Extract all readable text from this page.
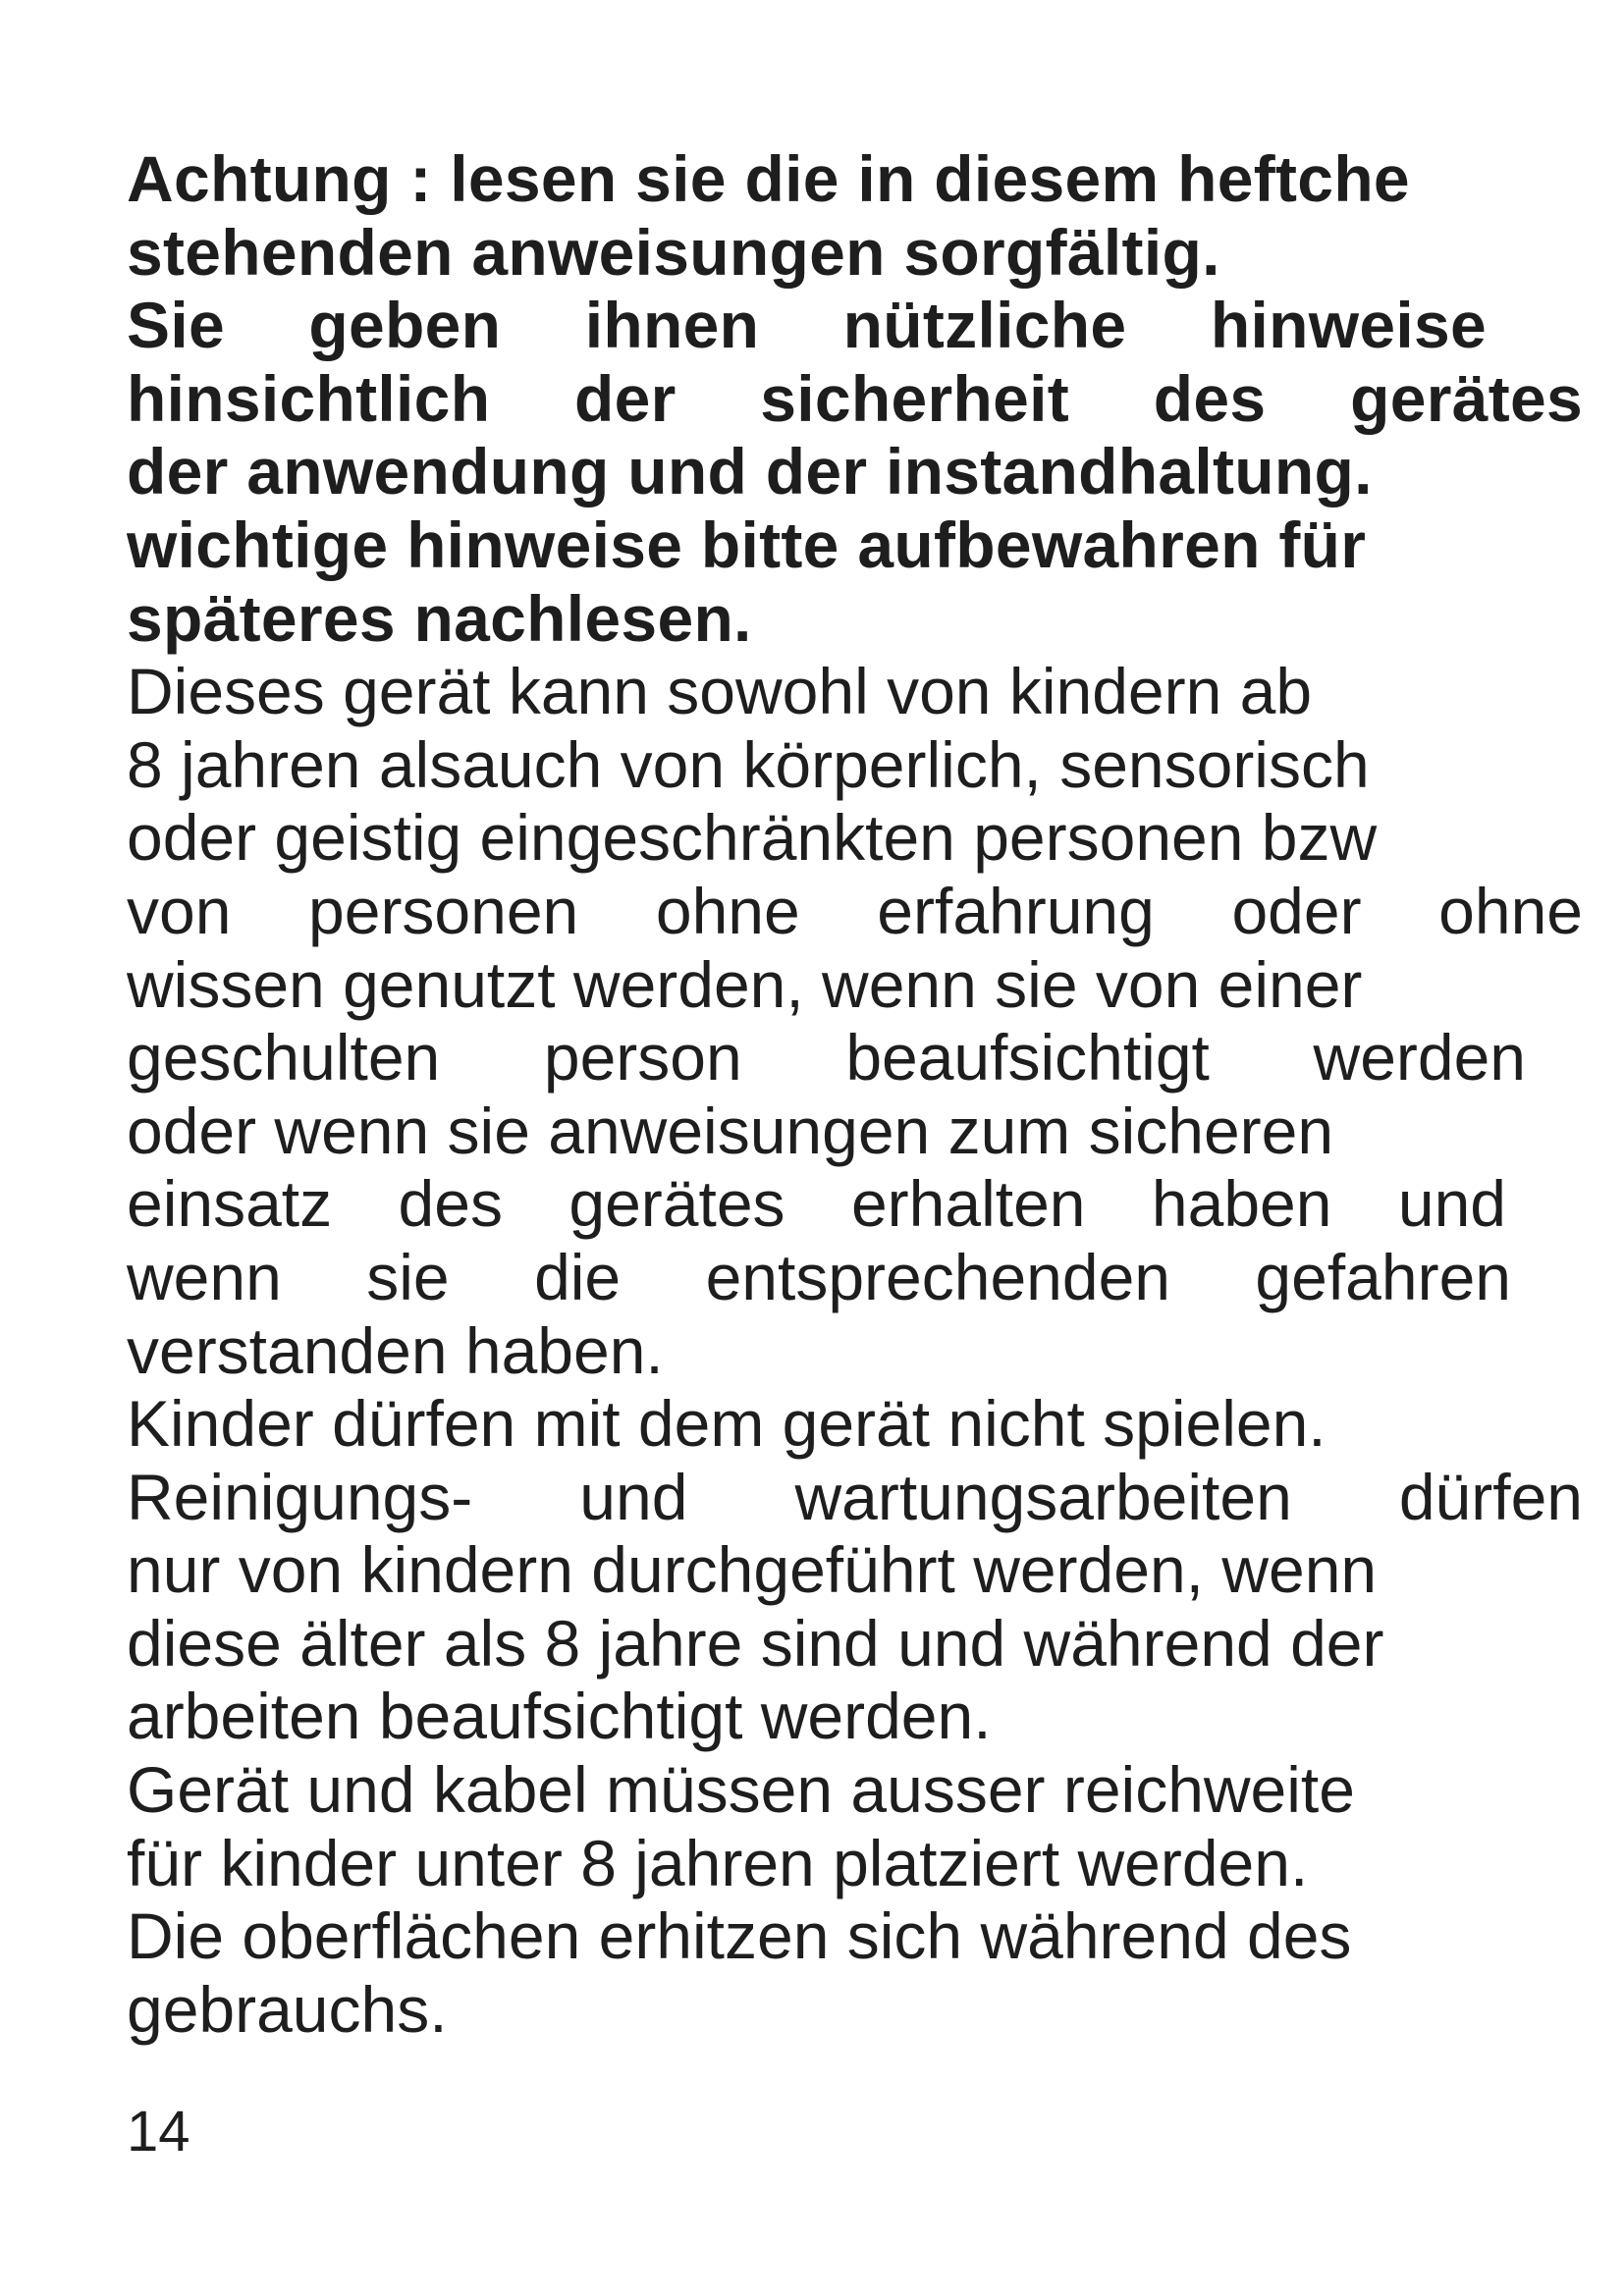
Achtung : lesen sie die in diesem heftche
stehenden anweisungen sorgfältig.
Sie geben ihnen nützliche hinweise
hinsichtlich der sicherheit des gerätes
der anwendung und der instandhaltung.
wichtige hinweise bitte aufbewahren für
späteres nachlesen.
Dieses gerät kann sowohl von kindern ab
8 jahren alsauch von körperlich, sensorisch
oder geistig eingeschränkten personen bzw
von personen ohne erfahrung oder ohne
wissen genutzt werden, wenn sie von einer
geschulten person beaufsichtigt werden
oder wenn sie anweisungen zum sicheren
einsatz des gerätes erhalten haben und
wenn sie die entsprechenden gefahren
verstanden haben.
Kinder dürfen mit dem gerät nicht spielen.
Reinigungs- und wartungsarbeiten dürfen
nur von kindern durchgeführt werden, wenn
diese älter als 8 jahre sind und während der
arbeiten beaufsichtigt werden.
Gerät und kabel müssen ausser reichweite
für kinder unter 8 jahren platziert werden.
Die oberflächen erhitzen sich während des
gebrauchs.
14
